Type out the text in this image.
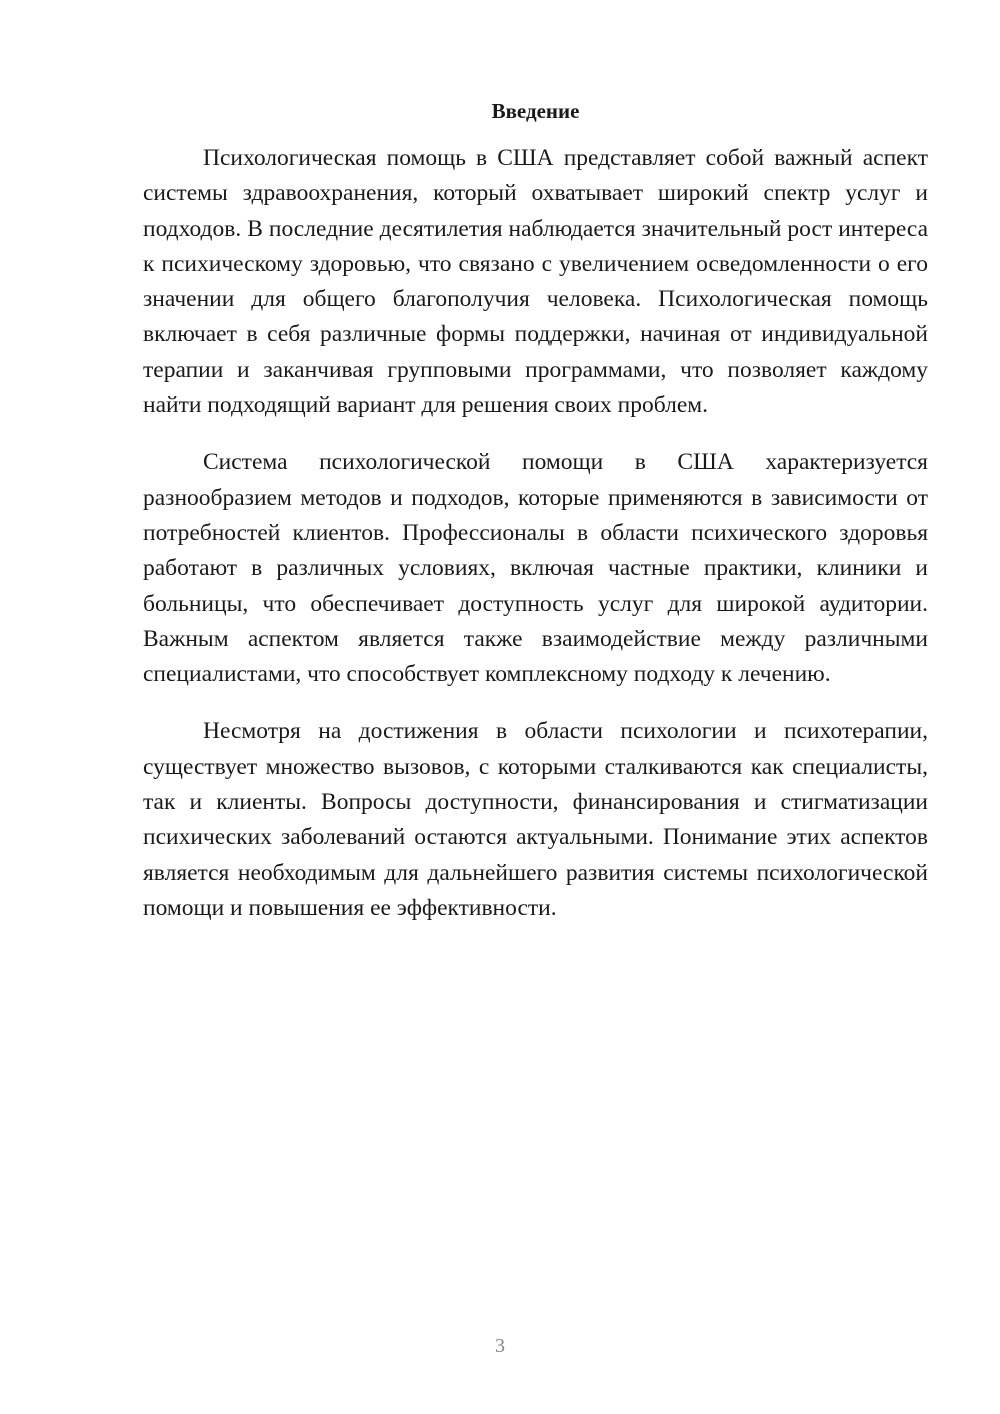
Введение

Психологическая помощь в США представляет собой важный аспект системы здравоохранения, который охватывает широкий спектр услуг и подходов. В последние десятилетия наблюдается значительный рост интереса к психическому здоровью, что связано с увеличением осведомленности о его значении для общего благополучия человека. Психологическая помощь включает в себя различные формы поддержки, начиная от индивидуальной терапии и заканчивая групповыми программами, что позволяет каждому найти подходящий вариант для решения своих проблем.

Система психологической помощи в США характеризуется разнообразием методов и подходов, которые применяются в зависимости от потребностей клиентов. Профессионалы в области психического здоровья работают в различных условиях, включая частные практики, клиники и больницы, что обеспечивает доступность услуг для широкой аудитории. Важным аспектом является также взаимодействие между различными специалистами, что способствует комплексному подходу к лечению.

Несмотря на достижения в области психологии и психотерапии, существует множество вызовов, с которыми сталкиваются как специалисты, так и клиенты. Вопросы доступности, финансирования и стигматизации психических заболеваний остаются актуальными. Понимание этих аспектов является необходимым для дальнейшего развития системы психологической помощи и повышения ее эффективности.

3
